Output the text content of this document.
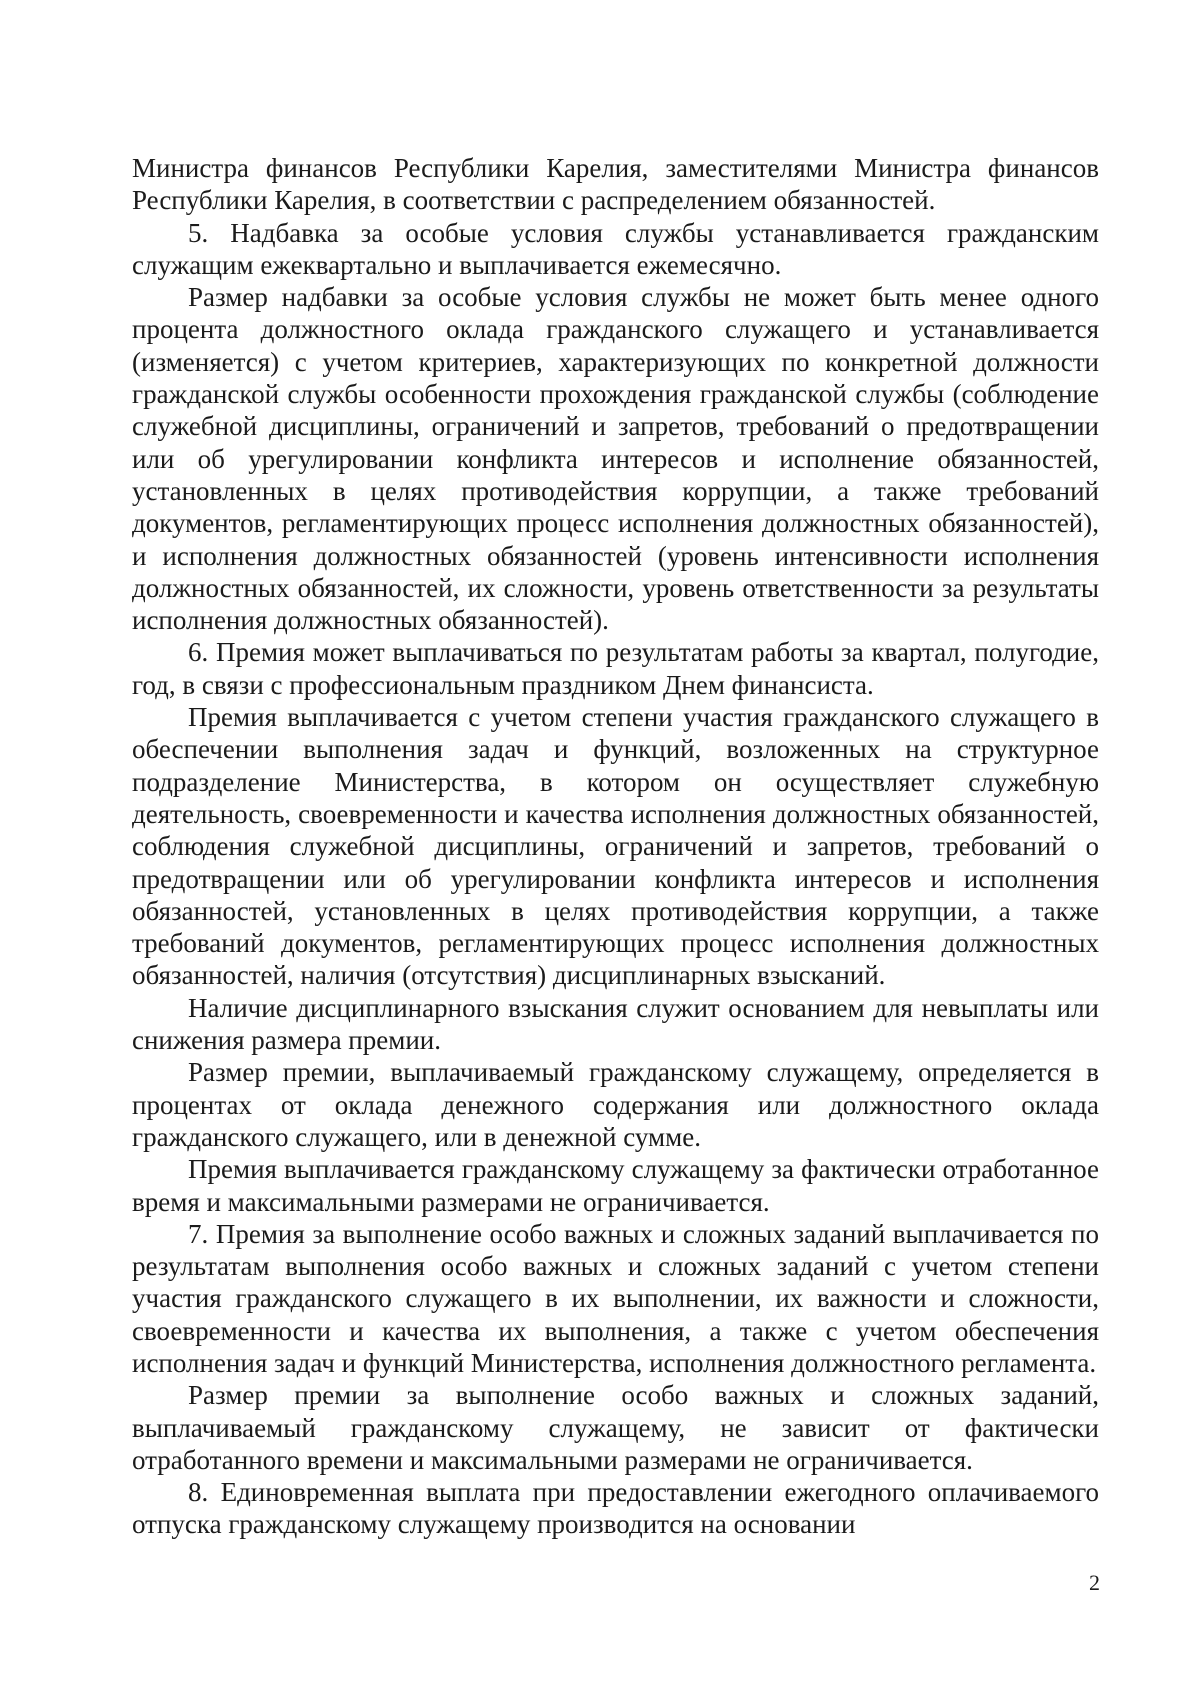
Министра финансов Республики Карелия, заместителями Министра финансов Республики Карелия, в соответствии с распределением обязанностей.

5. Надбавка за особые условия службы устанавливается гражданским служащим ежеквартально и выплачивается ежемесячно.

Размер надбавки за особые условия службы не может быть менее одного процента должностного оклада гражданского служащего и устанавливается (изменяется) с учетом критериев, характеризующих по конкретной должности гражданской службы особенности прохождения гражданской службы (соблюдение служебной дисциплины, ограничений и запретов, требований о предотвращении или об урегулировании конфликта интересов и исполнение обязанностей, установленных в целях противодействия коррупции, а также требований документов, регламентирующих процесс исполнения должностных обязанностей), и исполнения должностных обязанностей (уровень интенсивности исполнения должностных обязанностей, их сложности, уровень ответственности за результаты исполнения должностных обязанностей).

6. Премия может выплачиваться по результатам работы за квартал, полугодие, год, в связи с профессиональным праздником Днем финансиста.

Премия выплачивается с учетом степени участия гражданского служащего в обеспечении выполнения задач и функций, возложенных на структурное подразделение Министерства, в котором он осуществляет служебную деятельность, своевременности и качества исполнения должностных обязанностей, соблюдения служебной дисциплины, ограничений и запретов, требований о предотвращении или об урегулировании конфликта интересов и исполнения обязанностей, установленных в целях противодействия коррупции, а также требований документов, регламентирующих процесс исполнения должностных обязанностей, наличия (отсутствия) дисциплинарных взысканий.

Наличие дисциплинарного взыскания служит основанием для невыплаты или снижения размера премии.

Размер премии, выплачиваемый гражданскому служащему, определяется в процентах от оклада денежного содержания или должностного оклада гражданского служащего, или в денежной сумме.

Премия выплачивается гражданскому служащему за фактически отработанное время и максимальными размерами не ограничивается.

7. Премия за выполнение особо важных и сложных заданий выплачивается по результатам выполнения особо важных и сложных заданий с учетом степени участия гражданского служащего в их выполнении, их важности и сложности, своевременности и качества их выполнения, а также с учетом обеспечения исполнения задач и функций Министерства, исполнения должностного регламента.

Размер премии за выполнение особо важных и сложных заданий, выплачиваемый гражданскому служащему, не зависит от фактически отработанного времени и максимальными размерами не ограничивается.

8. Единовременная выплата при предоставлении ежегодного оплачиваемого отпуска гражданскому служащему производится на основании

2
